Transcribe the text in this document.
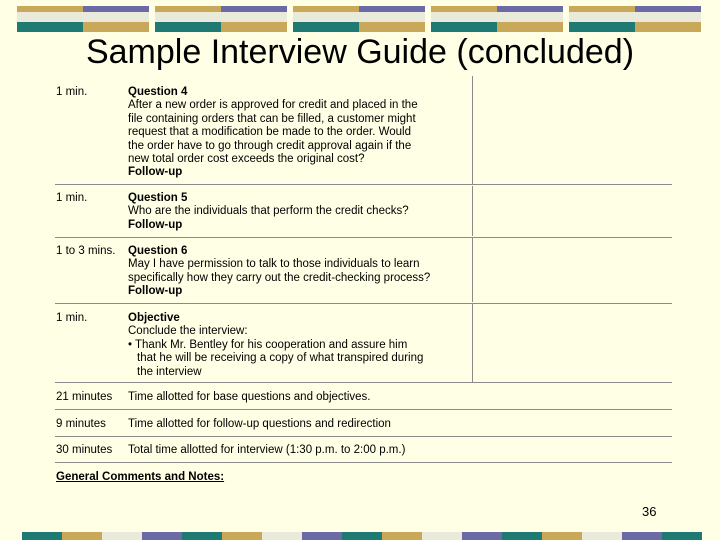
Sample Interview Guide (concluded)
1 min.	Question 4
After a new order is approved for credit and placed in the
file containing orders that can be filled, a customer might
request that a modification be made to the order. Would
the order have to go through credit approval again if the
new total order cost exceeds the original cost?
Follow-up
1 min.	Question 5
Who are the individuals that perform the credit checks?
Follow-up
1 to 3 mins. Question 6
May I have permission to talk to those individuals to learn
specifically how they carry out the credit-checking process?
Follow-up
1 min.	Objective
Conclude the interview:
• Thank Mr. Bentley for his cooperation and assure him
that he will be receiving a copy of what transpired during
the interview
21 minutes Time allotted for base questions and objectives.
9 minutes Time allotted for follow-up questions and redirection
30 minutes Total time allotted for interview (1:30 p.m. to 2:00 p.m.)
General Comments and Notes:
36
